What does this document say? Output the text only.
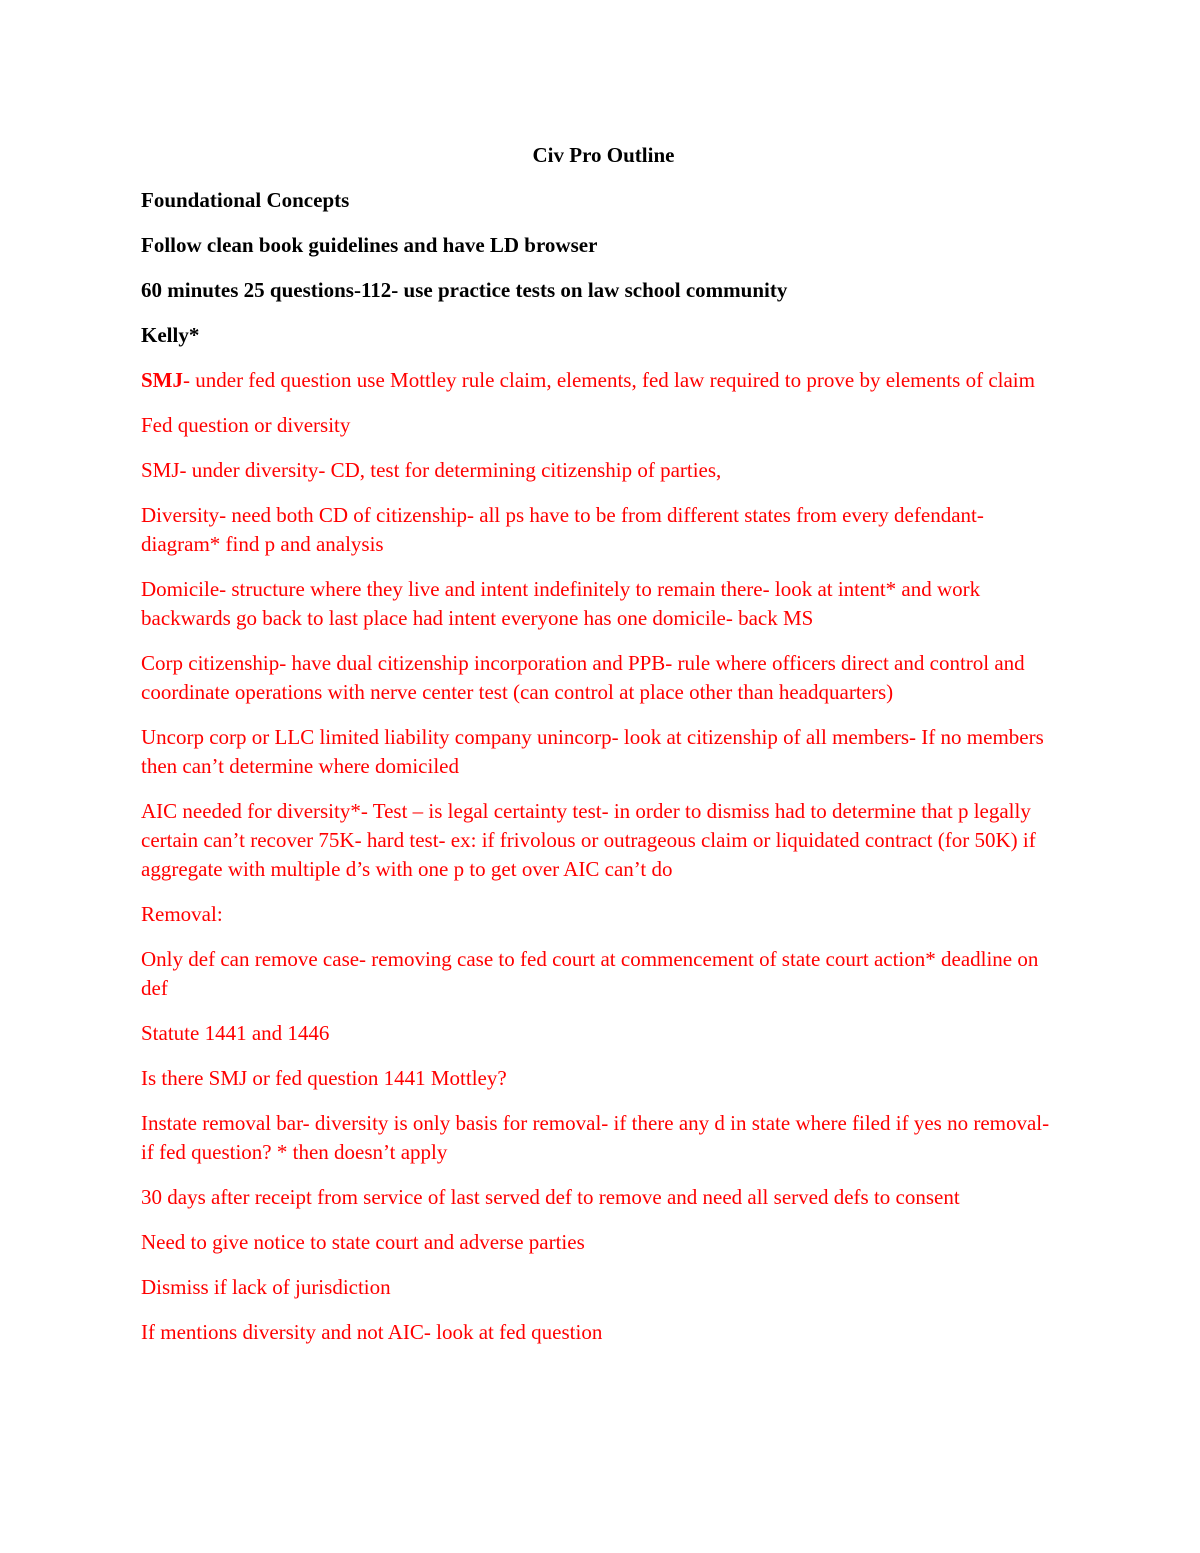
Civ Pro Outline

Foundational Concepts

Follow clean book guidelines and have LD browser

60 minutes 25 questions-112- use practice tests on law school community

Kelly*

SMJ- under fed question use Mottley rule claim, elements, fed law required to prove by elements of claim

Fed question or diversity

SMJ- under diversity- CD, test for determining citizenship of parties,

Diversity- need both CD of citizenship- all ps have to be from different states from every defendant- diagram* find p and analysis

Domicile- structure where they live and intent indefinitely to remain there- look at intent* and work backwards go back to last place had intent everyone has one domicile- back MS

Corp citizenship- have dual citizenship incorporation and PPB- rule where officers direct and control and coordinate operations with nerve center test (can control at place other than headquarters)

Uncorp corp or LLC limited liability company unincorp- look at citizenship of all members- If no members then can’t determine where domiciled

AIC needed for diversity*- Test – is legal certainty test- in order to dismiss had to determine that p legally certain can’t recover 75K- hard test- ex: if frivolous or outrageous claim or liquidated contract (for 50K) if aggregate with multiple d’s with one p to get over AIC can’t do

Removal:

Only def can remove case- removing case to fed court at commencement of state court action* deadline on def

Statute 1441 and 1446

Is there SMJ or fed question 1441 Mottley?

Instate removal bar- diversity is only basis for removal- if there any d in state where filed if yes no removal- if fed question? * then doesn’t apply

30 days after receipt from service of last served def to remove and need all served defs to consent

Need to give notice to state court and adverse parties

Dismiss if lack of jurisdiction

If mentions diversity and not AIC- look at fed question
